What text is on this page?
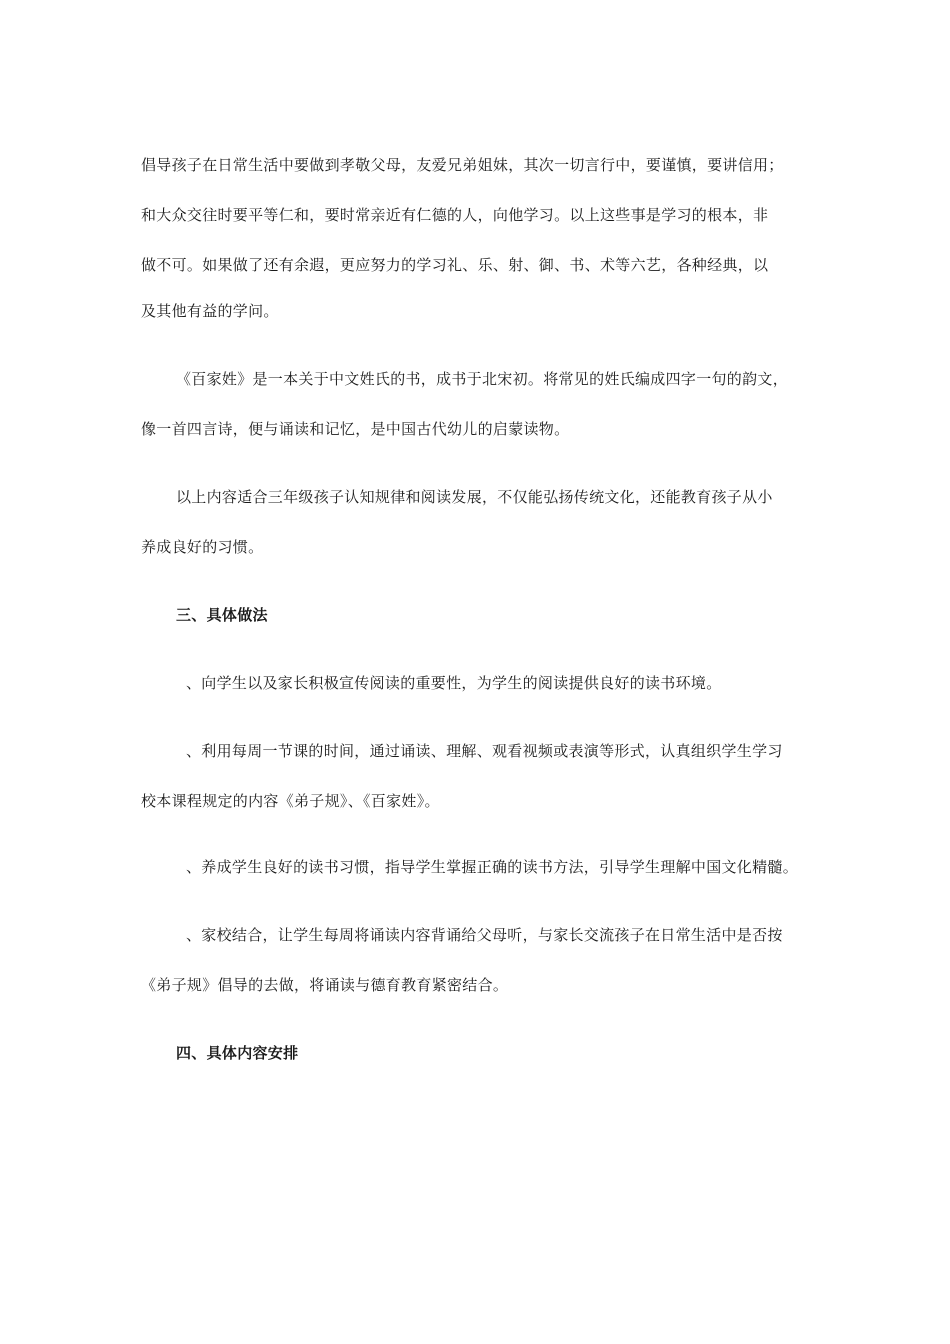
倡导孩子在日常生活中要做到孝敬父母，友爱兄弟姐妹，其次一切言行中，要谨慎，要讲信用；
和大众交往时要平等仁和，要时常亲近有仁德的人，向他学习。以上这些事是学习的根本，非
做不可。如果做了还有余遐，更应努力的学习礼、乐、射、御、书、术等六艺，各种经典，以
及其他有益的学问。
《百家姓》是一本关于中文姓氏的书，成书于北宋初。将常见的姓氏编成四字一句的韵文，
像一首四言诗，便与诵读和记忆，是中国古代幼儿的启蒙读物。
以上内容适合三年级孩子认知规律和阅读发展，不仅能弘扬传统文化，还能教育孩子从小
养成良好的习惯。
三、具体做法
、向学生以及家长积极宣传阅读的重要性，为学生的阅读提供良好的读书环境。
、利用每周一节课的时间，通过诵读、理解、观看视频或表演等形式，认真组织学生学习
校本课程规定的内容《弟子规》、《百家姓》。
、养成学生良好的读书习惯，指导学生掌握正确的读书方法，引导学生理解中国文化精髓。
、家校结合，让学生每周将诵读内容背诵给父母听，与家长交流孩子在日常生活中是否按
《弟子规》倡导的去做，将诵读与德育教育紧密结合。
四、具体内容安排
